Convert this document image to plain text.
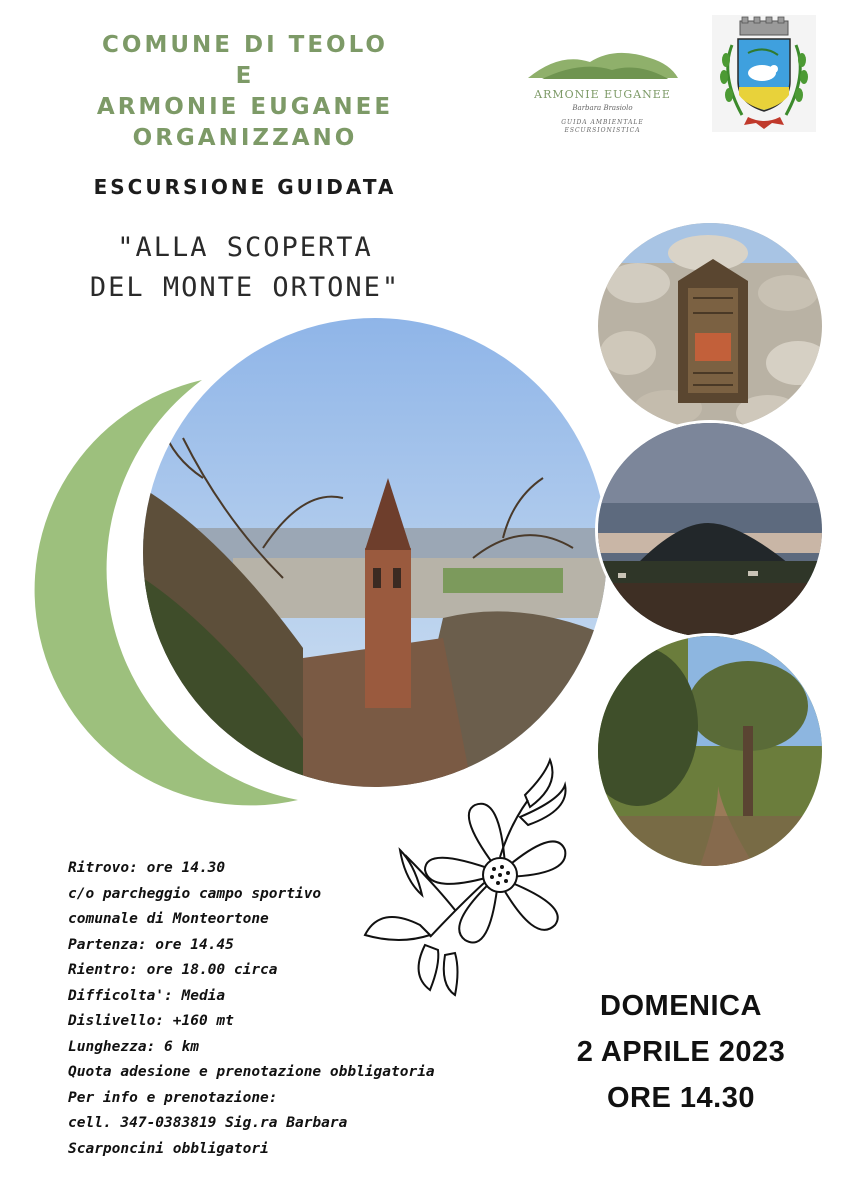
COMUNE DI TEOLO
E
ARMONIE EUGANEE
ORGANIZZANO
ESCURSIONE GUIDATA
"ALLA SCOPERTA
DEL MONTE ORTONE"
ARMONIE EUGANEE
Barbara Brasiolo
GUIDA AMBIENTALE
ESCURSIONISTICA
Ritrovo: ore 14.30
c/o parcheggio campo sportivo
comunale di Monteortone
Partenza: ore 14.45
Rientro: ore 18.00 circa
Difficolta': Media
Dislivello: +160 mt
Lunghezza: 6 km
Quota adesione e prenotazione obbligatoria
Per info e prenotazione:
cell. 347-0383819 Sig.ra Barbara
Scarponcini obbligatori
DOMENICA
2 APRILE 2023
ORE 14.30
